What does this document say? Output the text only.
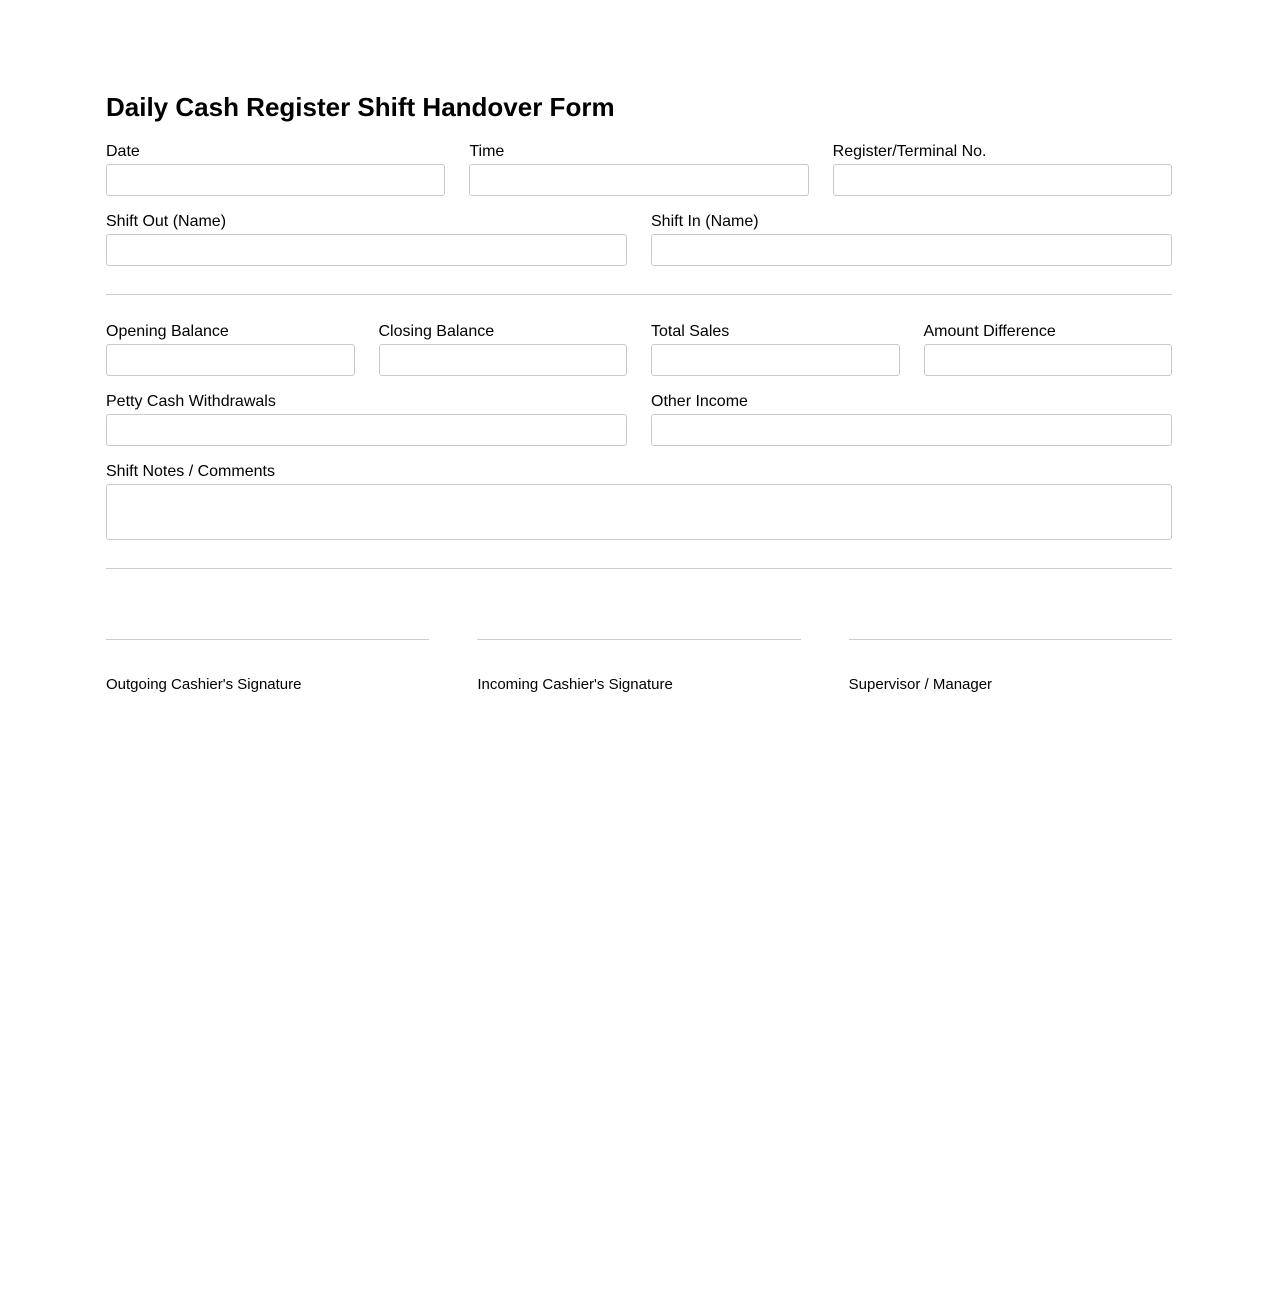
Daily Cash Register Shift Handover Form
Date	Time	Register/Terminal No.
Shift Out (Name)	Shift In (Name)
Opening Balance	Closing Balance	Total Sales	Amount Difference
Petty Cash Withdrawals	Other Income
Shift Notes / Comments
Outgoing Cashier's Signature	Incoming Cashier's Signature	Supervisor / Manager
